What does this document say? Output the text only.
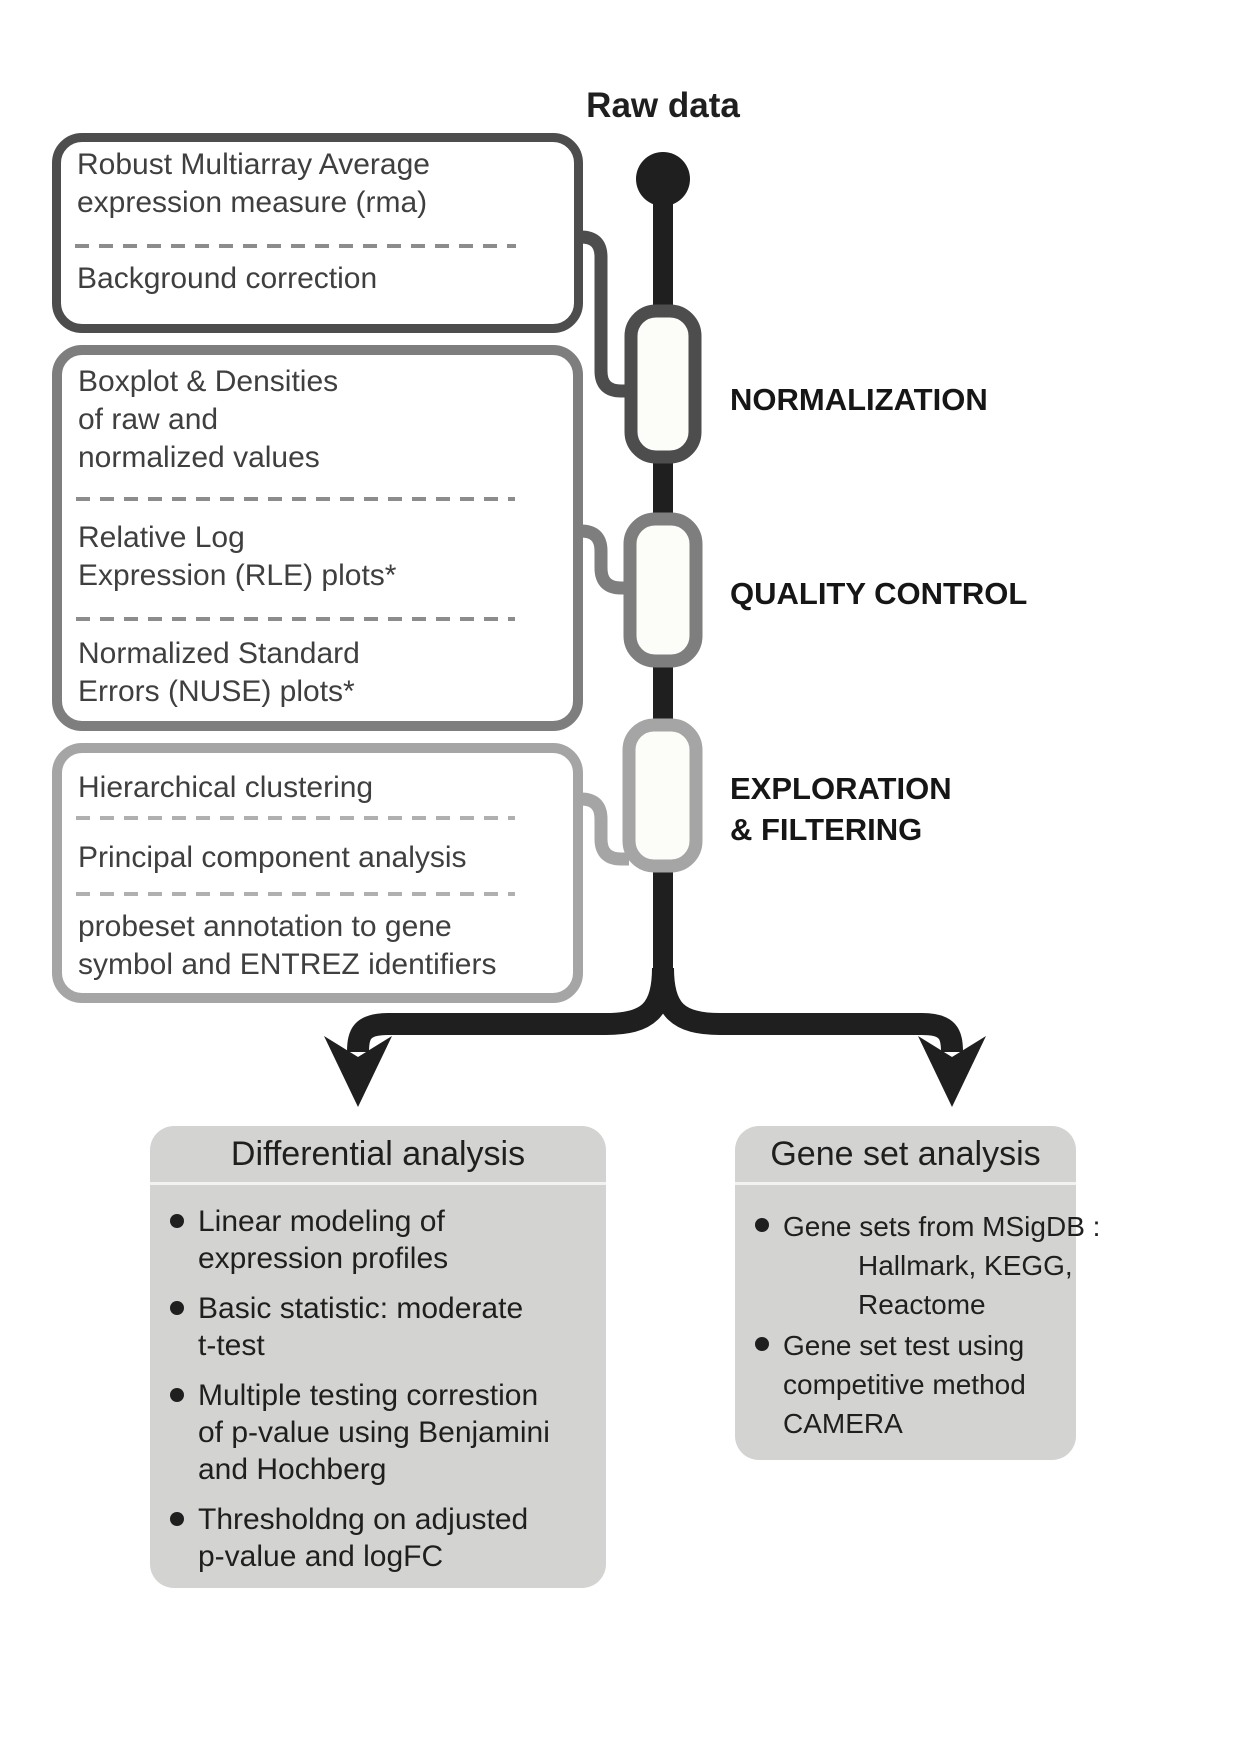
Raw data
NORMALIZATION
QUALITY CONTROL
EXPLORATION
& FILTERING
Robust Multiarray Average
expression measure (rma)
Background correction
Boxplot & Densities
of raw and
normalized values
Relative Log
Expression (RLE) plots*
Normalized Standard
Errors (NUSE) plots*
Hierarchical clustering
Principal component analysis
probeset annotation to gene
symbol and ENTREZ identifiers
Differential analysis
Linear modeling of
expression profiles
Basic statistic: moderate
t-test
Multiple testing correstion
of p-value using Benjamini
and Hochberg
Thresholdng on adjusted
p-value and logFC
Gene set analysis
Gene sets from MSigDB :
Hallmark, KEGG,
Reactome
Gene set test using
competitive method
CAMERA
